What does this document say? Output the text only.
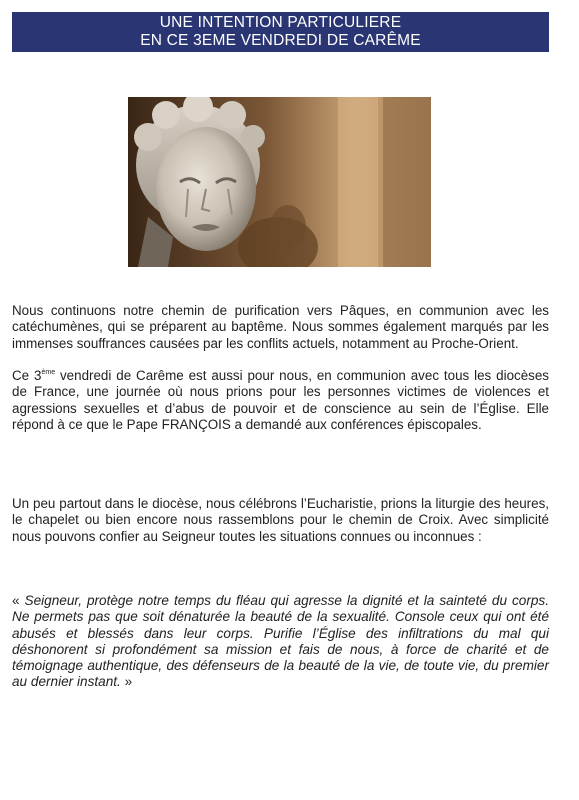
UNE INTENTION PARTICULIERE
EN CE 3EME VENDREDI DE CARÊME

Nous continuons notre chemin de purification vers Pâques, en communion avec les catéchumènes, qui se préparent au baptême. Nous sommes également marqués par les immenses souffrances causées par les conflits actuels, notamment au Proche-Orient.

Ce 3ème vendredi de Carême est aussi pour nous, en communion avec tous les diocèses de France, une journée où nous prions pour les personnes victimes de violences et agressions sexuelles et d’abus de pouvoir et de conscience au sein de l’Église. Elle répond à ce que le Pape FRANÇOIS a demandé aux conférences épiscopales.

Un peu partout dans le diocèse, nous célébrons l’Eucharistie, prions la liturgie des heures, le chapelet ou bien encore nous rassemblons pour le chemin de Croix. Avec simplicité nous pouvons confier au Seigneur toutes les situations connues ou inconnues :

« Seigneur, protège notre temps du fléau qui agresse la dignité et la sainteté du corps. Ne permets pas que soit dénaturée la beauté de la sexualité. Console ceux qui ont été abusés et blessés dans leur corps. Purifie l’Église des infiltrations du mal qui déshonorent si profondément sa mission et fais de nous, à force de charité et de témoignage authentique, des défenseurs de la beauté de la vie, de toute vie, du premier au dernier instant. »
